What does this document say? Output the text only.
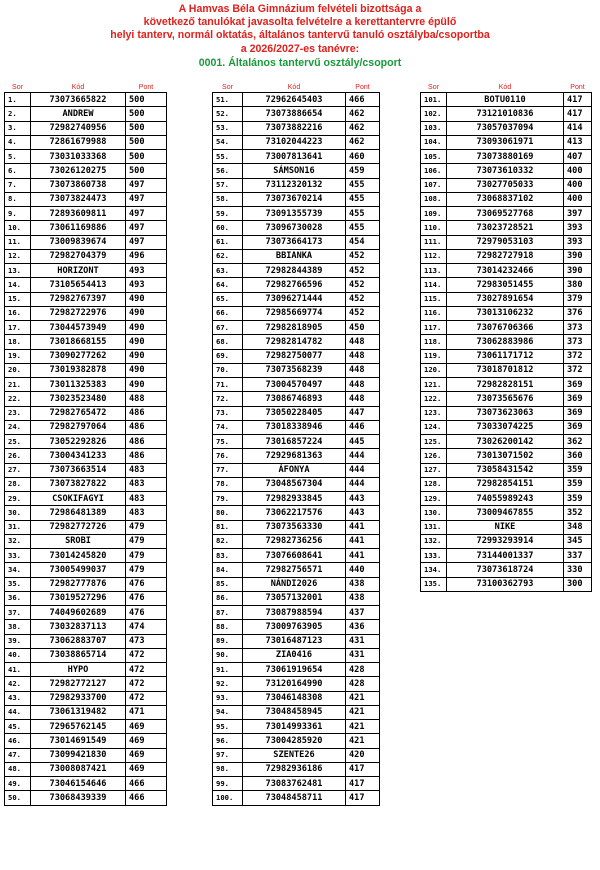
A Hamvas Béla Gimnázium felvételi bizottsága a
következő tanulókat javasolta felvételre a kerettantervre épülő
helyi tanterv, normál oktatás, általános tantervű tanuló osztályba/csoportba
a 2026/2027-es tanévre:
0001. Általános tantervű osztály/csoport
Sor	Kód	Pont
1.	73073665822	500
2.	ANDREW	500
3.	72982740956	500
4.	72861679988	500
5.	73031033368	500
6.	73026120275	500
7.	73073860738	497
8.	73073824473	497
9.	72893609811	497
10.	73061169886	497
11.	73009839674	497
12.	72982704379	496
13.	HORIZONT	493
14.	73105654413	493
15.	72982767397	490
16.	72982722976	490
17.	73044573949	490
18.	73018668155	490
19.	73090277262	490
20.	73019382878	490
21.	73011325383	490
22.	73023523480	488
23.	72982765472	486
24.	72982797064	486
25.	73052292826	486
26.	73004341233	486
27.	73073663514	483
28.	73073827822	483
29.	CSOKIFAGYI	483
30.	72986481389	483
31.	72982772726	479
32.	SROBI	479
33.	73014245820	479
34.	73005499037	479
35.	72982777876	476
36.	73019527296	476
37.	74049602689	476
38.	73032837113	474
39.	73062883707	473
40.	73038865714	472
41.	HYPO	472
42.	72982772127	472
43.	72982933700	472
44.	73061319482	471
45.	72965762145	469
46.	73014691549	469
47.	73099421830	469
48.	73008087421	469
49.	73046154646	466
50.	73068439339	466
Sor	Kód	Pont
51.	72962645403	466
52.	73073886654	462
53.	73073882216	462
54.	73102044223	462
55.	73007813641	460
56.	SÁMSON16	459
57.	73112320132	455
58.	73073670214	455
59.	73091355739	455
60.	73096730028	455
61.	73073664173	454
62.	BBIANKA	452
63.	72982844389	452
64.	72982766596	452
65.	73096271444	452
66.	72985669774	452
67.	72982818905	450
68.	72982814782	448
69.	72982750077	448
70.	73073568239	448
71.	73004570497	448
72.	73086746893	448
73.	73050228405	447
74.	73018338946	446
75.	73016857224	445
76.	72929681363	444
77.	ÁFONYA	444
78.	73048567304	444
79.	72982933845	443
80.	73062217576	443
81.	73073563330	441
82.	72982736256	441
83.	73076608641	441
84.	72982756571	440
85.	NÁNDI2026	438
86.	73057132001	438
87.	73087988594	437
88.	73009763905	436
89.	73016487123	431
90.	ZIA0416	431
91.	73061919654	428
92.	73120164990	428
93.	73046148308	421
94.	73048458945	421
95.	73014993361	421
96.	73004285920	421
97.	SZENTE26	420
98.	72982936186	417
99.	73083762481	417
100.	73048458711	417
Sor	Kód	Pont
101.	BOTU0110	417
102.	73121010836	417
103.	73057037094	414
104.	73093061971	413
105.	73073880169	407
106.	73073610332	400
107.	73027705033	400
108.	73068837102	400
109.	73069527768	397
110.	73023728521	393
111.	72979053103	393
112.	72982727918	390
113.	73014232466	390
114.	72983051455	380
115.	73027891654	379
116.	73013106232	376
117.	73076706366	373
118.	73062883986	373
119.	73061171712	372
120.	73018701812	372
121.	72982828151	369
122.	73073565676	369
123.	73073623063	369
124.	73033074225	369
125.	73026200142	362
126.	73013071502	360
127.	73058431542	359
128.	72982854151	359
129.	74055989243	359
130.	73009467855	352
131.	NIKE	348
132.	72993293914	345
133.	73144001337	337
134.	73073618724	330
135.	73100362793	300
